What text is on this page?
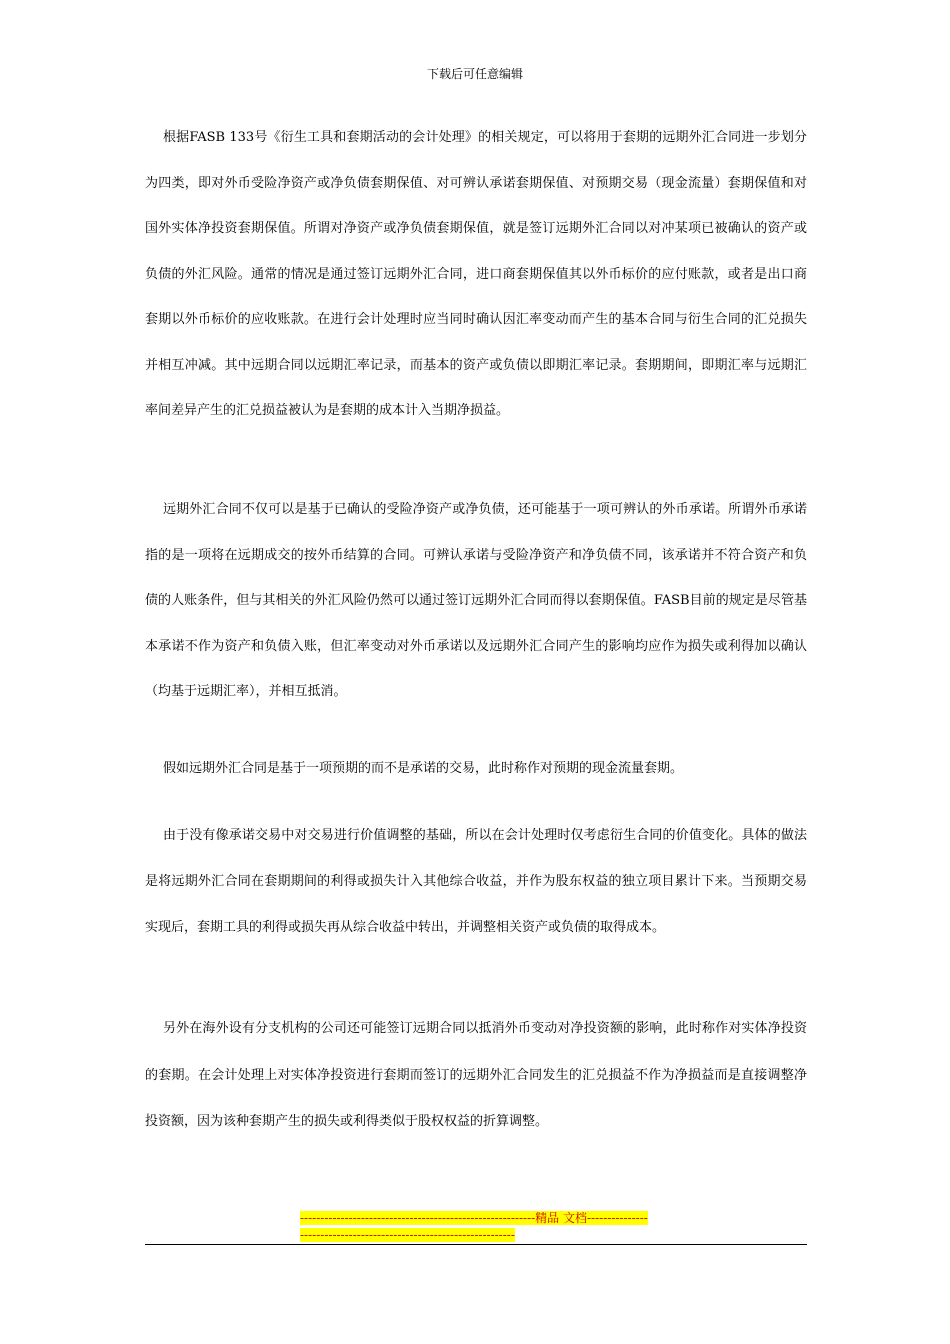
下载后可任意编辑

根据FASB 133号《衍生工具和套期活动的会计处理》的相关规定，可以将用于套期的远期外汇合同进一步划分为四类，即对外币受险净资产或净负债套期保值、对可辨认承诺套期保值、对预期交易（现金流量）套期保值和对国外实体净投资套期保值。所谓对净资产或净负债套期保值，就是签订远期外汇合同以对冲某项已被确认的资产或负债的外汇风险。通常的情况是通过签订远期外汇合同，进口商套期保值其以外币标价的应付账款，或者是出口商套期以外币标价的应收账款。在进行会计处理时应当同时确认因汇率变动而产生的基本合同与衍生合同的汇兑损失并相互冲减。其中远期合同以远期汇率记录，而基本的资产或负债以即期汇率记录。套期期间，即期汇率与远期汇率间差异产生的汇兑损益被认为是套期的成本计入当期净损益。

远期外汇合同不仅可以是基于已确认的受险净资产或净负债，还可能基于一项可辨认的外币承诺。所谓外币承诺指的是一项将在远期成交的按外币结算的合同。可辨认承诺与受险净资产和净负债不同，该承诺并不符合资产和负债的人账条件，但与其相关的外汇风险仍然可以通过签订远期外汇合同而得以套期保值。FASB目前的规定是尽管基本承诺不作为资产和负债入账，但汇率变动对外币承诺以及远期外汇合同产生的影响均应作为损失或利得加以确认（均基于远期汇率），并相互抵消。

假如远期外汇合同是基于一项预期的而不是承诺的交易，此时称作对预期的现金流量套期。

由于没有像承诺交易中对交易进行价值调整的基础，所以在会计处理时仅考虑衍生合同的价值变化。具体的做法是将远期外汇合同在套期期间的利得或损失计入其他综合收益，并作为股东权益的独立项目累计下来。当预期交易实现后，套期工具的利得或损失再从综合收益中转出，并调整相关资产或负债的取得成本。

另外在海外设有分支机构的公司还可能签订远期合同以抵消外币变动对净投资额的影响，此时称作对实体净投资的套期。在会计处理上对实体净投资进行套期而签订的远期外汇合同发生的汇兑损益不作为净损益而是直接调整净投资额，因为该种套期产生的损失或利得类似于股权权益的折算调整。

----------------------------------------------------------精品 文档--------------------------------------------------------------------
